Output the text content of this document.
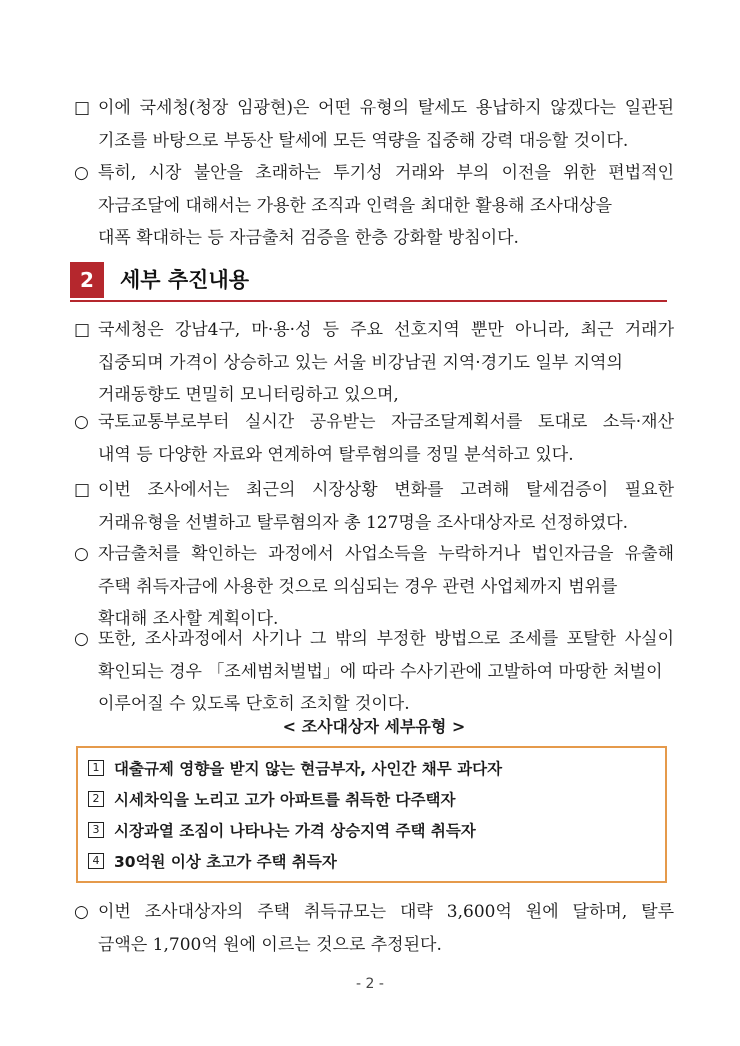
□ 이에 국세청(청장 임광현)은 어떤 유형의 탈세도 용납하지 않겠다는 일관된
기조를 바탕으로 부동산 탈세에 모든 역량을 집중해 강력 대응할 것이다.
○ 특히, 시장 불안을 초래하는 투기성 거래와 부의 이전을 위한 편법적인
자금조달에 대해서는 가용한 조직과 인력을 최대한 활용해 조사대상을
대폭 확대하는 등 자금출처 검증을 한층 강화할 방침이다.
2	세부 추진내용
□ 국세청은 강남4구, 마·용·성 등 주요 선호지역 뿐만 아니라, 최근 거래가
집중되며 가격이 상승하고 있는 서울 비강남권 지역·경기도 일부 지역의
거래동향도 면밀히 모니터링하고 있으며,
○ 국토교통부로부터 실시간 공유받는 자금조달계획서를 토대로 소득·재산
내역 등 다양한 자료와 연계하여 탈루혐의를 정밀 분석하고 있다.
□ 이번 조사에서는 최근의 시장상황 변화를 고려해 탈세검증이 필요한
거래유형을 선별하고 탈루혐의자 총 127명을 조사대상자로 선정하였다.
○ 자금출처를 확인하는 과정에서 사업소득을 누락하거나 법인자금을 유출해
주택 취득자금에 사용한 것으로 의심되는 경우 관련 사업체까지 범위를
확대해 조사할 계획이다.
○ 또한, 조사과정에서 사기나 그 밖의 부정한 방법으로 조세를 포탈한 사실이
확인되는 경우 「조세범처벌법」에 따라 수사기관에 고발하여 마땅한 처벌이
이루어질 수 있도록 단호히 조치할 것이다.
< 조사대상자 세부유형 >
1 대출규제 영향을 받지 않는 현금부자, 사인간 채무 과다자
2 시세차익을 노리고 고가 아파트를 취득한 다주택자
3 시장과열 조짐이 나타나는 가격 상승지역 주택 취득자
4 30억원 이상 초고가 주택 취득자
○ 이번 조사대상자의 주택 취득규모는 대략 3,600억 원에 달하며, 탈루
금액은 1,700억 원에 이르는 것으로 추정된다.
- 2 -
